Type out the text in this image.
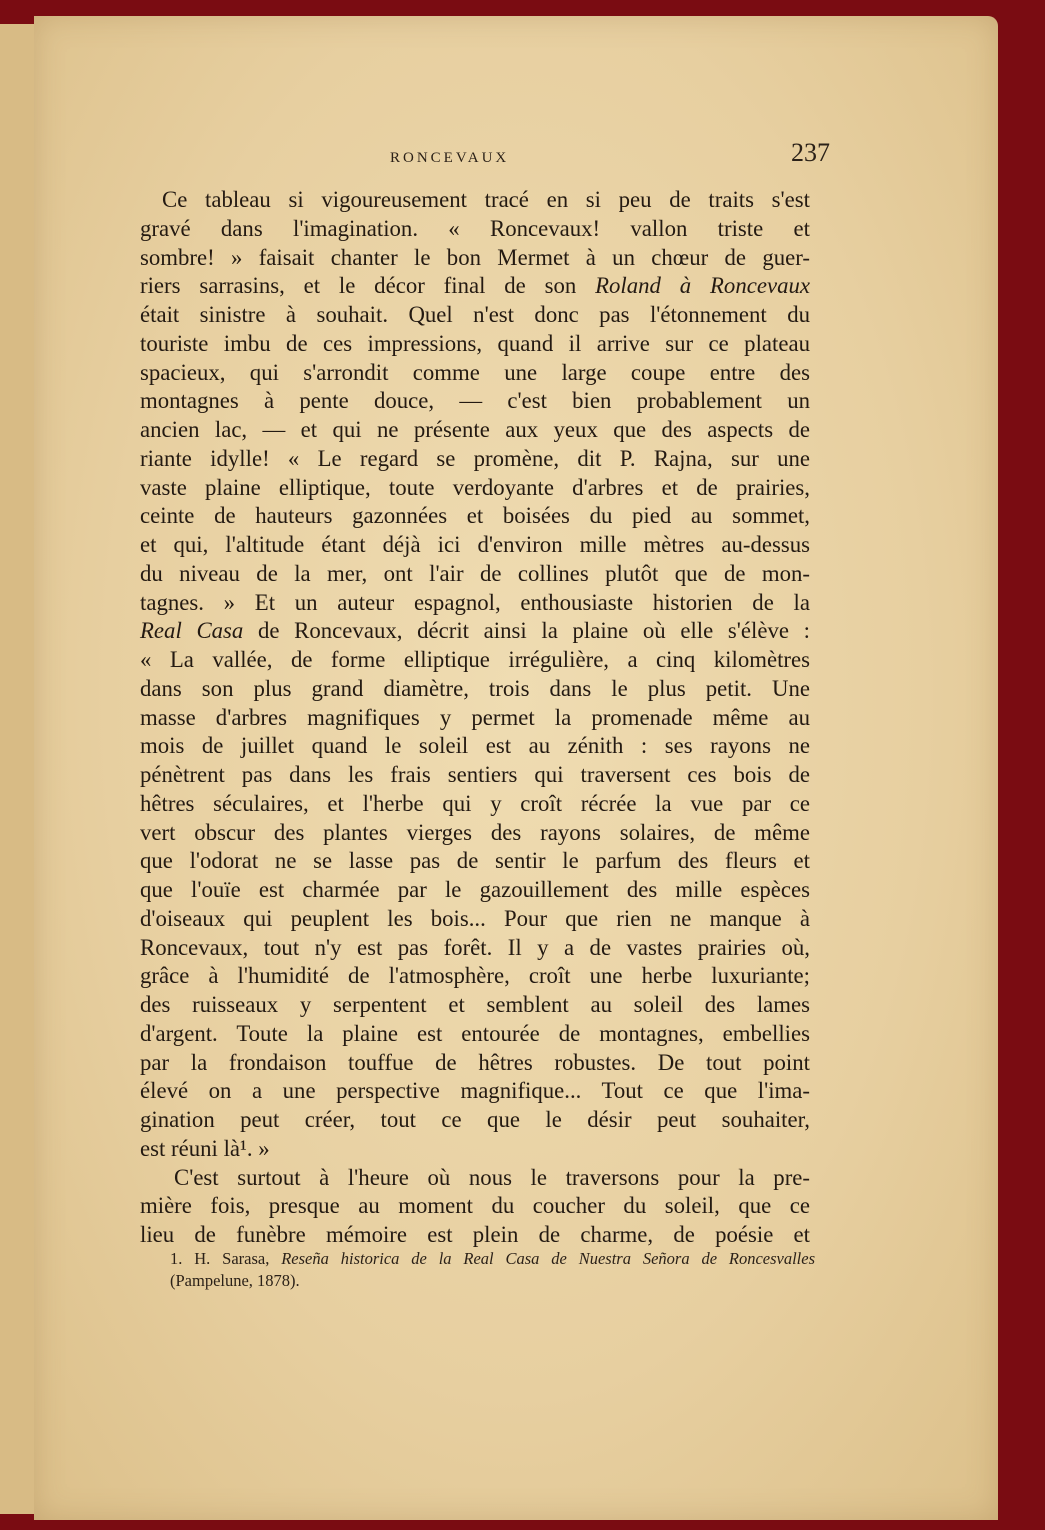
RONCEVAUX	237
Ce tableau si vigoureusement tracé en si peu de traits s'est
gravé dans l'imagination. « Roncevaux! vallon triste et
sombre! » faisait chanter le bon Mermet à un chœur de guer-
riers sarrasins, et le décor final de son Roland à Roncevaux
était sinistre à souhait. Quel n'est donc pas l'étonnement du
touriste imbu de ces impressions, quand il arrive sur ce plateau
spacieux, qui s'arrondit comme une large coupe entre des
montagnes à pente douce, — c'est bien probablement un
ancien lac, — et qui ne présente aux yeux que des aspects de
riante idylle! « Le regard se promène, dit P. Rajna, sur une
vaste plaine elliptique, toute verdoyante d'arbres et de prairies,
ceinte de hauteurs gazonnées et boisées du pied au sommet,
et qui, l'altitude étant déjà ici d'environ mille mètres au-dessus
du niveau de la mer, ont l'air de collines plutôt que de mon-
tagnes. » Et un auteur espagnol, enthousiaste historien de la
Real Casa de Roncevaux, décrit ainsi la plaine où elle s'élève :
« La vallée, de forme elliptique irrégulière, a cinq kilomètres
dans son plus grand diamètre, trois dans le plus petit. Une
masse d'arbres magnifiques y permet la promenade même au
mois de juillet quand le soleil est au zénith : ses rayons ne
pénètrent pas dans les frais sentiers qui traversent ces bois de
hêtres séculaires, et l'herbe qui y croît récrée la vue par ce
vert obscur des plantes vierges des rayons solaires, de même
que l'odorat ne se lasse pas de sentir le parfum des fleurs et
que l'ouïe est charmée par le gazouillement des mille espèces
d'oiseaux qui peuplent les bois... Pour que rien ne manque à
Roncevaux, tout n'y est pas forêt. Il y a de vastes prairies où,
grâce à l'humidité de l'atmosphère, croît une herbe luxuriante;
des ruisseaux y serpentent et semblent au soleil des lames
d'argent. Toute la plaine est entourée de montagnes, embellies
par la frondaison touffue de hêtres robustes. De tout point
élevé on a une perspective magnifique... Tout ce que l'ima-
gination peut créer, tout ce que le désir peut souhaiter,
est réuni là¹. »
C'est surtout à l'heure où nous le traversons pour la pre-
mière fois, presque au moment du coucher du soleil, que ce
lieu de funèbre mémoire est plein de charme, de poésie et
1. H. Sarasa, Reseña historica de la Real Casa de Nuestra Señora de Roncesvalles
(Pampelune, 1878).
